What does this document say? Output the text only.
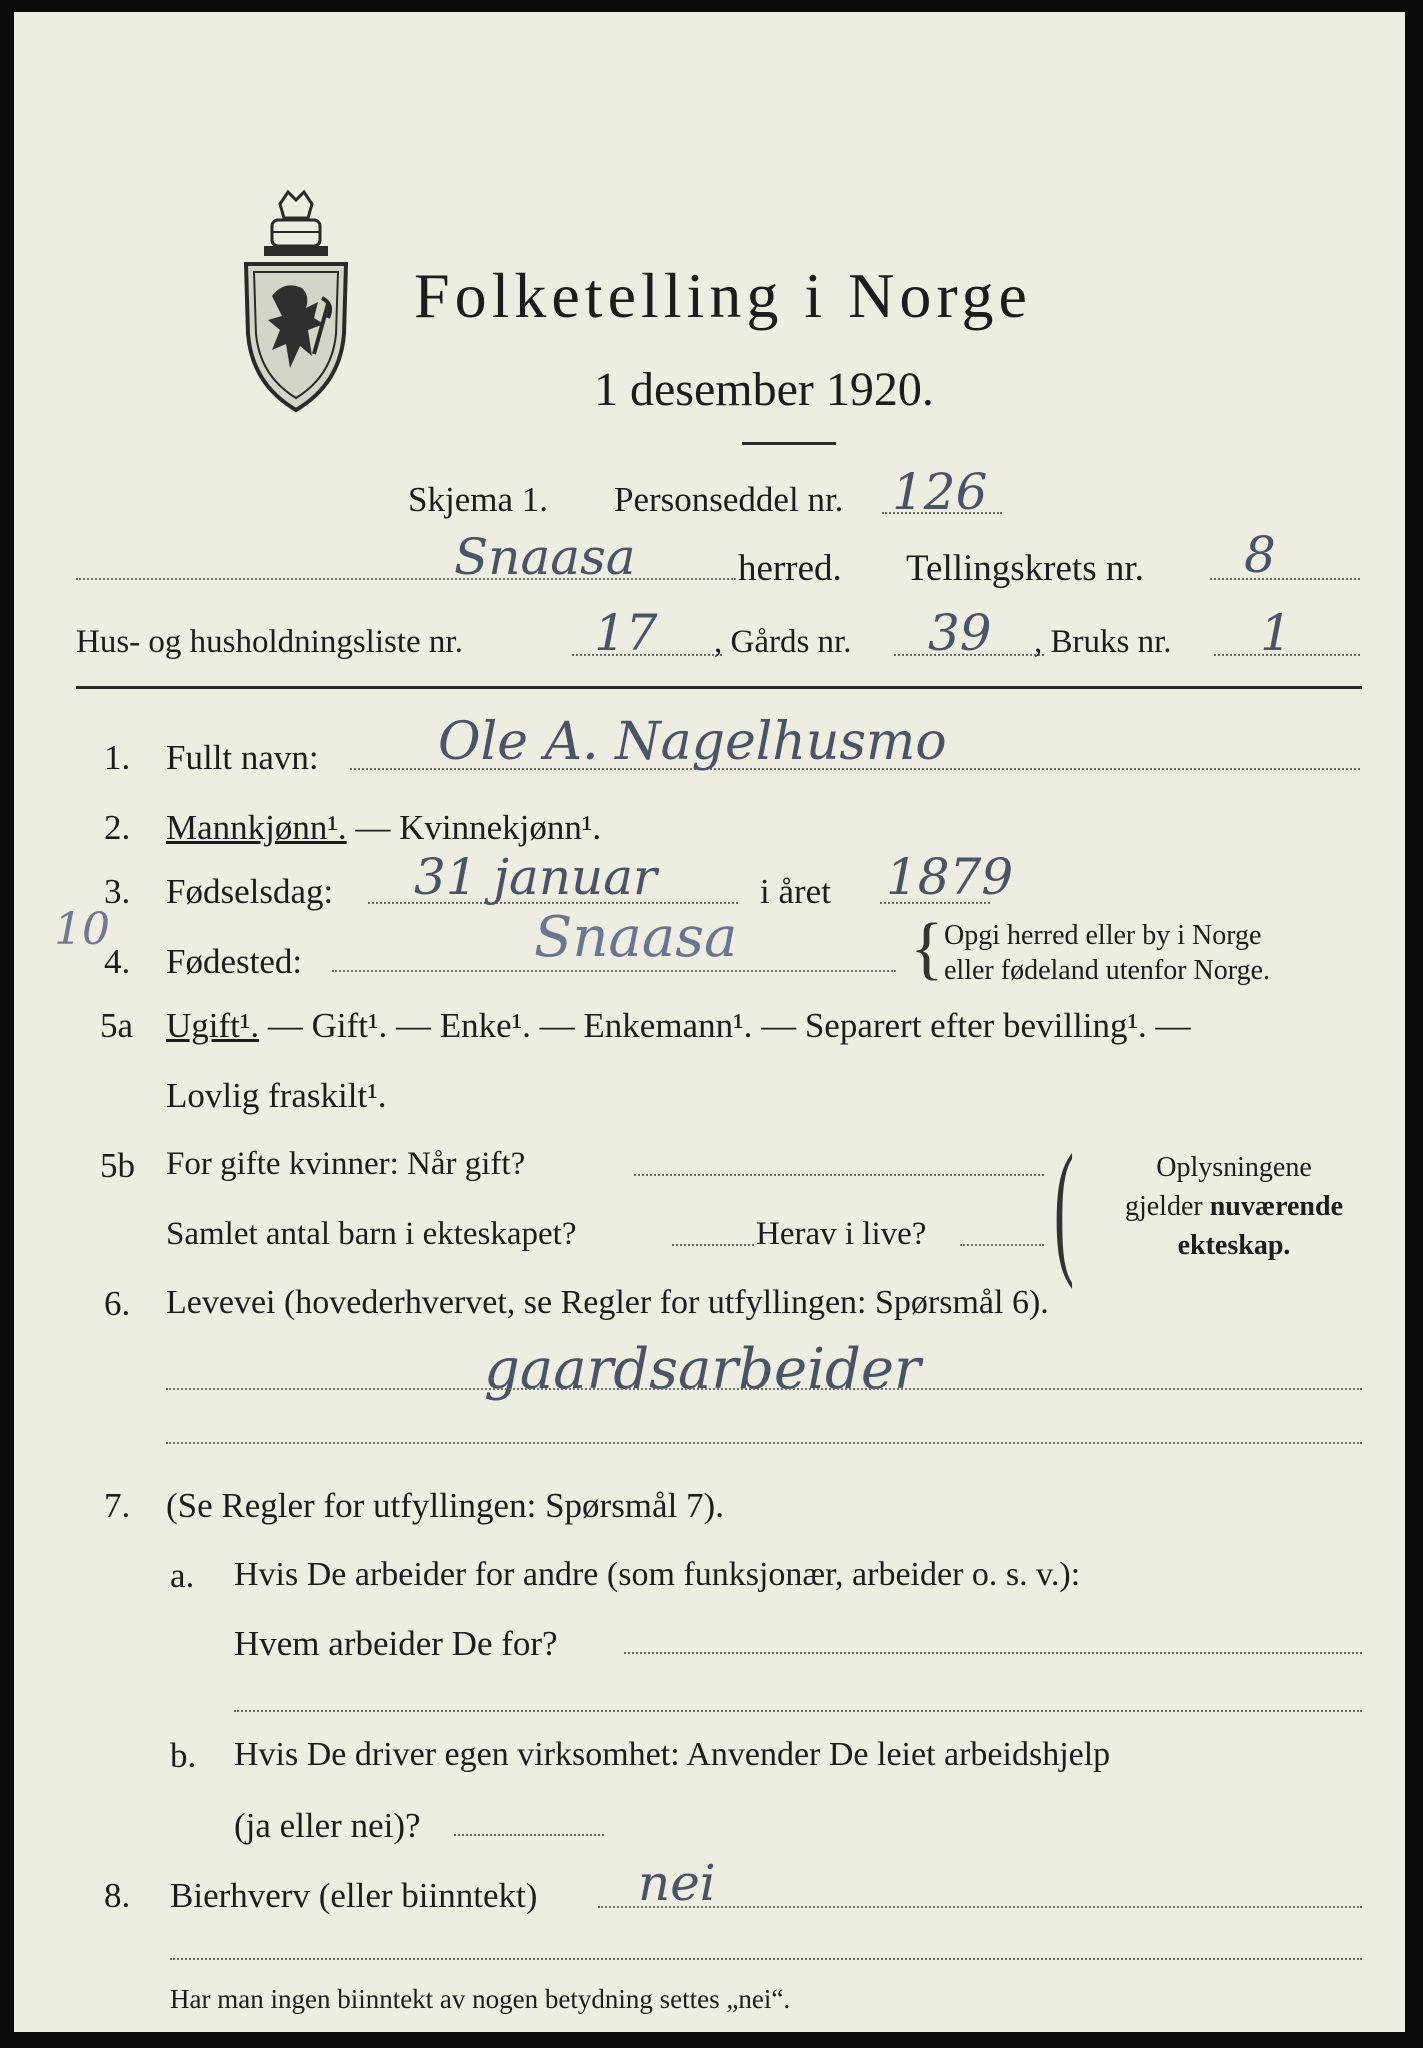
Folketelling i Norge
1 desember 1920.
Skjema 1. Personseddel nr. 126
Snaasa	herred. Tellingskrets nr. 8
Hus- og husholdningsliste nr.	17 , Gårds nr. 39 , Bruks nr. 1
1. Fullt navn: Ole A. Nagelhusmo
2. Mannkjønn¹. — Kvinnekjønn¹.
3. Fødselsdag: 31 januar	i året 1879
10
4. Fødested:	Snaasa { Opgi herred eller by i Norge
eller fødeland utenfor Norge.
5a Ugift¹. — Gift¹. — Enke¹. — Enkemann¹. — Separert efter bevilling¹. —
Lovlig fraskilt¹.
5b For gifte kvinner: Når gift?
Samlet antal barn i ekteskapet?	Herav i live? (	Oplysningene
gjelder nuværende
ekteskap.
6. Levevei (hovederhvervet, se Regler for utfyllingen: Spørsmål 6).
gaardsarbeider
7. (Se Regler for utfyllingen: Spørsmål 7).
a. Hvis De arbeider for andre (som funksjonær, arbeider o. s. v.):
Hvem arbeider De for?
b. Hvis De driver egen virksomhet: Anvender De leiet arbeidshjelp
(ja eller nei)?
8. Bierhverv (eller biinntekt) nei
Har man ingen biinntekt av nogen betydning settes „nei“.
